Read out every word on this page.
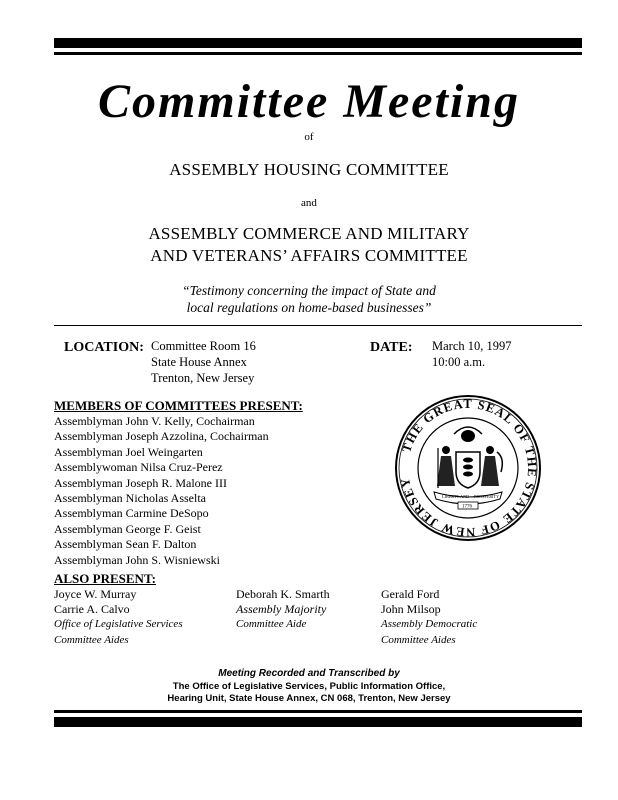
Committee Meeting
of
ASSEMBLY HOUSING COMMITTEE
and
ASSEMBLY COMMERCE AND MILITARY
AND VETERANS’ AFFAIRS COMMITTEE
“Testimony concerning the impact of State and
local regulations on home-based businesses”
LOCATION: Committee Room 16
State House Annex
Trenton, New Jersey
DATE: March 10, 1997
10:00 a.m.
MEMBERS OF COMMITTEES PRESENT:
Assemblyman John V. Kelly, Cochairman
Assemblyman Joseph Azzolina, Cochairman
Assemblyman Joel Weingarten
Assemblywoman Nilsa Cruz-Perez
Assemblyman Joseph R. Malone III
Assemblyman Nicholas Asselta
Assemblyman Carmine DeSopo
Assemblyman George F. Geist
Assemblyman Sean F. Dalton
Assemblyman John S. Wisniewski
THE GREAT SEAL OF THE STATE OF NEW JERSEY
LIBERTY AND PROSPERITY
1776
ALSO PRESENT:
Joyce W. Murray
Carrie A. Calvo
Office of Legislative Services
Committee Aides
Deborah K. Smarth
Assembly Majority
Committee Aide
Gerald Ford
John Milsop
Assembly Democratic
Committee Aides
Meeting Recorded and Transcribed by
The Office of Legislative Services, Public Information Office,
Hearing Unit, State House Annex, CN 068, Trenton, New Jersey
